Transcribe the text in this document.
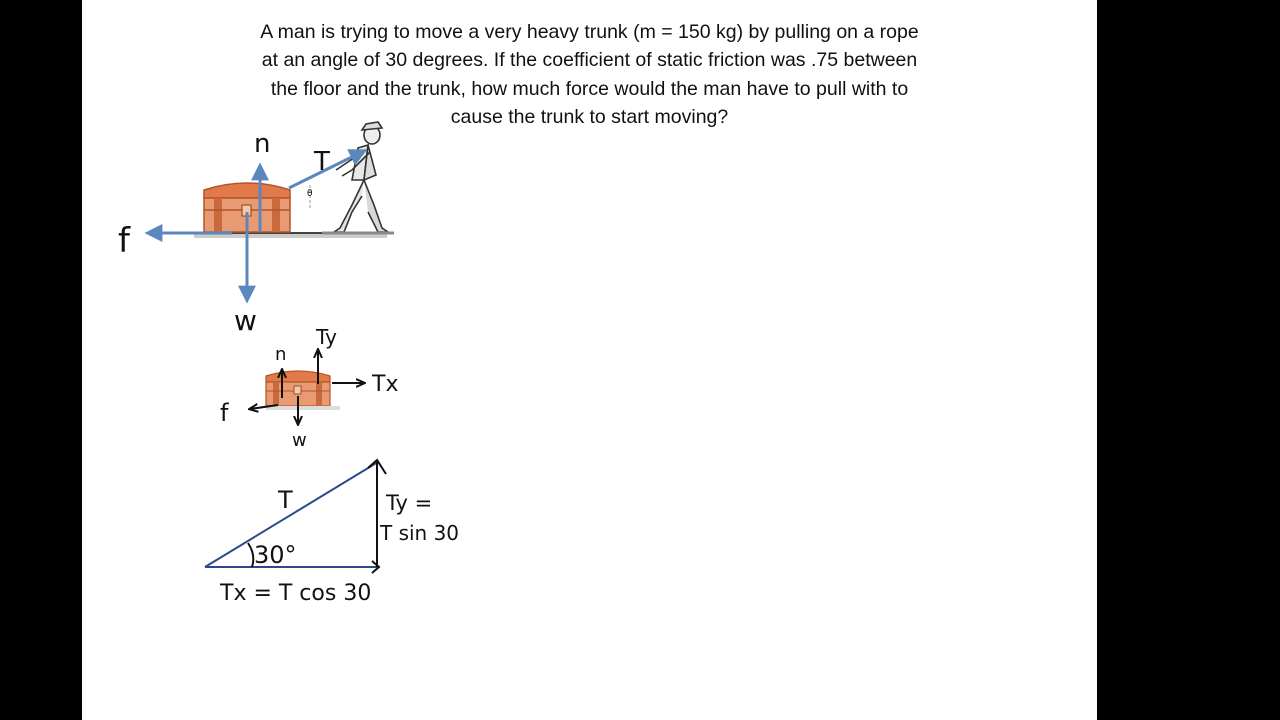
A man is trying to move a very heavy trunk (m = 150 kg) by pulling on a rope

at an angle of 30 degrees. If the coefficient of static friction was .75 between

the floor and the trunk, how much force would the man have to pull with to

cause the trunk to start moving?

θ
n
T
f
w
n
Ty
Tx
f
w
T
30°
Ty =
T sin 30
Tx = T cos 30
